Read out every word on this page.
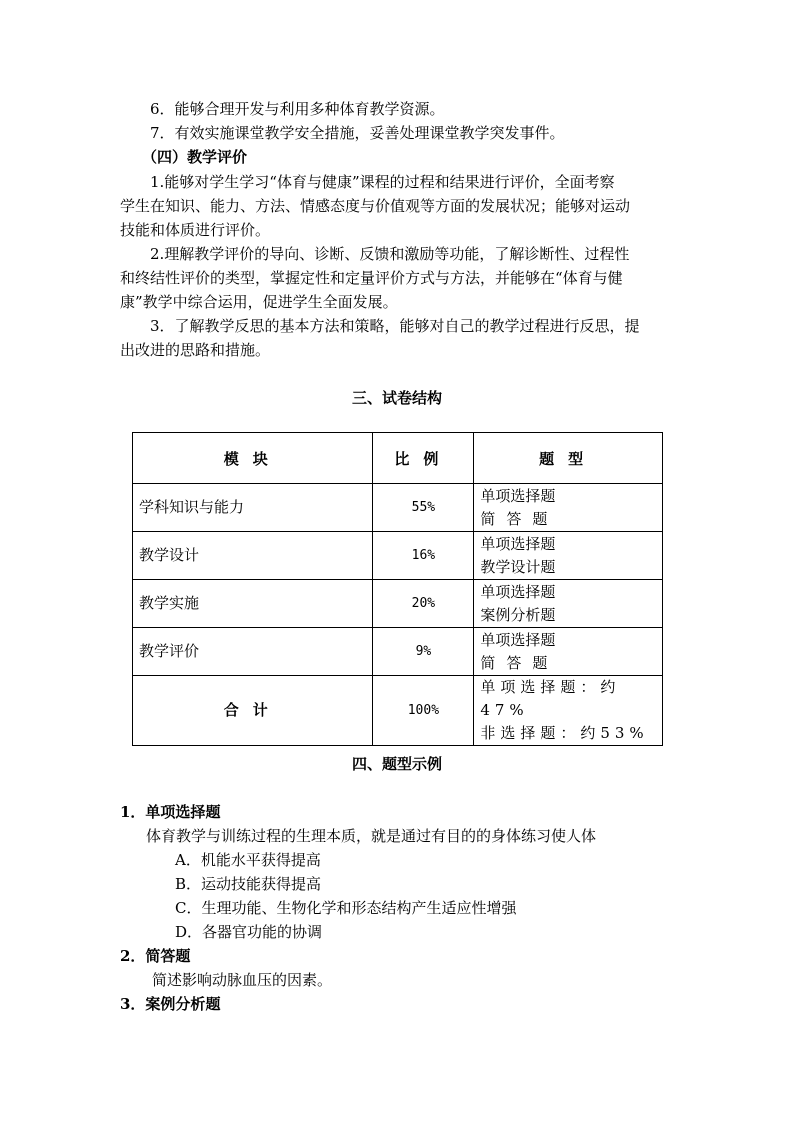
6．能够合理开发与利用多种体育教学资源。
7．有效实施课堂教学安全措施，妥善处理课堂教学突发事件。
（四）教学评价
1.能够对学生学习“体育与健康”课程的过程和结果进行评价，全面考察
学生在知识、能力、方法、情感态度与价值观等方面的发展状况；能够对运动
技能和体质进行评价。
2.理解教学评价的导向、诊断、反馈和激励等功能，了解诊断性、过程性
和终结性评价的类型，掌握定性和定量评价方式与方法，并能够在“体育与健
康”教学中综合运用，促进学生全面发展。
3．了解教学反思的基本方法和策略，能够对自己的教学过程进行反思，提
出改进的思路和措施。
三、试卷结构
模块	比例	题型
学科知识与能力	55%	单项选择题
简答题

教学设计	16%	单项选择题
教学设计题

教学实施	20%	单项选择题
案例分析题

教学评价	9%	单项选择题
简答题

合计	100%	单项选择题：约47%
非选择题：约53%
四、题型示例
1．单项选择题
体育教学与训练过程的生理本质，就是通过有目的的身体练习使人体
A．机能水平获得提高
B．运动技能获得提高
C．生理功能、生物化学和形态结构产生适应性增强
D．各器官功能的协调
2．简答题
简述影响动脉血压的因素。
3．案例分析题
